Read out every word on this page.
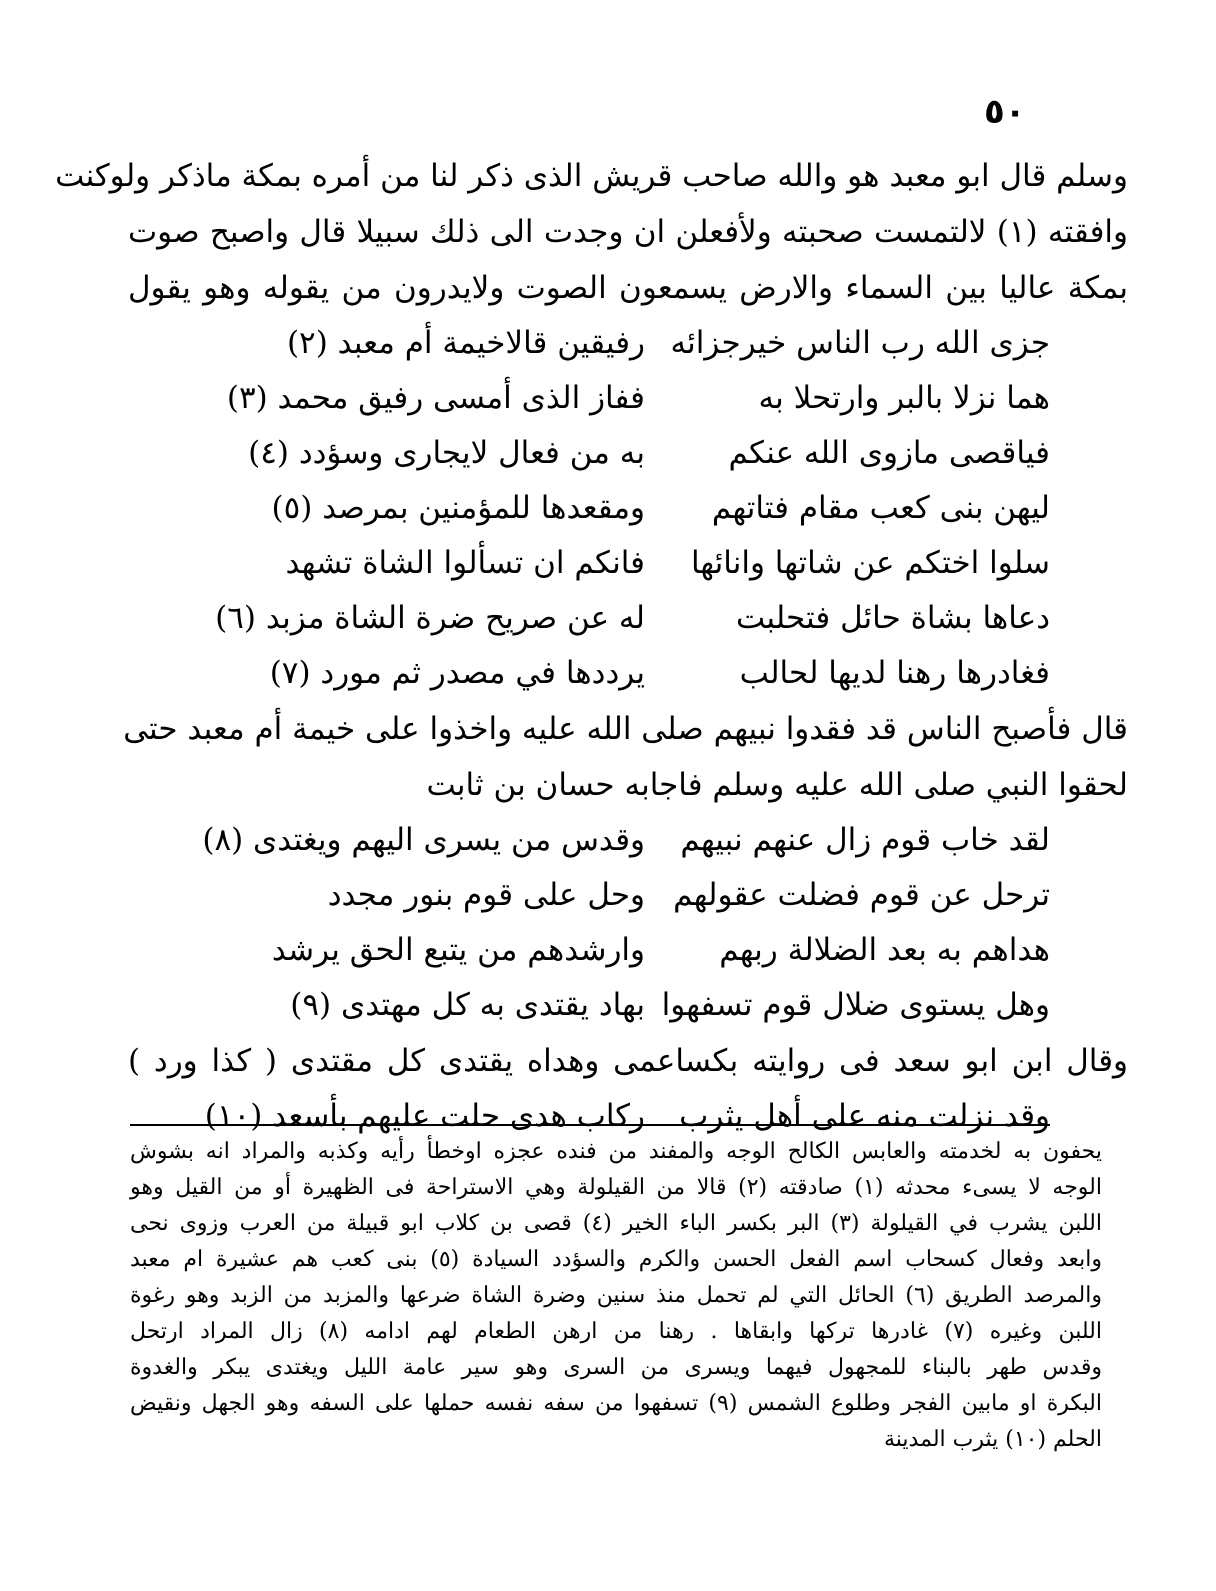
٥٠
وسلم قال ابو معبد هو والله صاحب قريش الذى ذكر لنا من أمره بمكة ماذكر ولوكنت
وافقته (١) لالتمست صحبته ولأفعلن ان وجدت الى ذلك سبيلا قال واصبح صوت
بمكة عاليا بين السماء والارض يسمعون الصوت ولايدرون من يقوله وهو يقول
جزى الله رب الناس خيرجزائه
رفيقين قالاخيمة أم معبد (٢)
هما نزلا بالبر وارتحلا به
ففاز الذى أمسى رفيق محمد (٣)
فياقصى مازوى الله عنكم
به من فعال لايجارى وسؤدد (٤)
ليهن بنى كعب مقام فتاتهم
ومقعدها للمؤمنين بمرصد (٥)
سلوا اختكم عن شاتها وانائها
فانكم ان تسألوا الشاة تشهد
دعاها بشاة حائل فتحلبت
له عن صريح ضرة الشاة مزبد (٦)
فغادرها رهنا لديها لحالب
يرددها في مصدر ثم مورد (٧)
قال فأصبح الناس قد فقدوا نبيهم صلى الله عليه واخذوا على خيمة أم معبد حتى
لحقوا النبي صلى الله عليه وسلم فاجابه حسان بن ثابت
لقد خاب قوم زال عنهم نبيهم
وقدس من يسرى اليهم ويغتدى (٨)
ترحل عن قوم فضلت عقولهم
وحل على قوم بنور مجدد
هداهم به بعد الضلالة ربهم
وارشدهم من يتبع الحق يرشد
وهل يستوى ضلال قوم تسفهوا
بهاد يقتدى به كل مهتدى (٩)
وقال ابن ابو سعد فى روايته بكساعمى وهداه يقتدى كل مقتدى ( كذا ورد )
وقد نزلت منه على أهل يثرب
ركاب هدى حلت عليهم بأسعد (١٠)
يحفون به لخدمته والعابس الكالح الوجه والمفند من فنده عجزه اوخطأ رأيه وكذبه والمراد انه بشوش
الوجه لا يسىء محدثه (١) صادقته (٢) قالا من القيلولة وهي الاستراحة فى الظهيرة أو من القيل وهو
اللبن يشرب في القيلولة (٣) البر بكسر الباء الخير (٤) قصى بن كلاب ابو قبيلة من العرب وزوى نحى
وابعد وفعال كسحاب اسم الفعل الحسن والكرم والسؤدد السيادة (٥) بنى كعب هم عشيرة ام معبد
والمرصد الطريق (٦) الحائل التي لم تحمل منذ سنين وضرة الشاة ضرعها والمزبد من الزبد وهو رغوة
اللبن وغيره (٧) غادرها تركها وابقاها . رهنا من ارهن الطعام لهم ادامه (٨) زال المراد ارتحل
وقدس طهر بالبناء للمجهول فيهما ويسرى من السرى وهو سير عامة الليل ويغتدى يبكر والغدوة
البكرة او مابين الفجر وطلوع الشمس (٩) تسفهوا من سفه نفسه حملها على السفه وهو الجهل ونقيض
الحلم (١٠) يثرب المدينة
